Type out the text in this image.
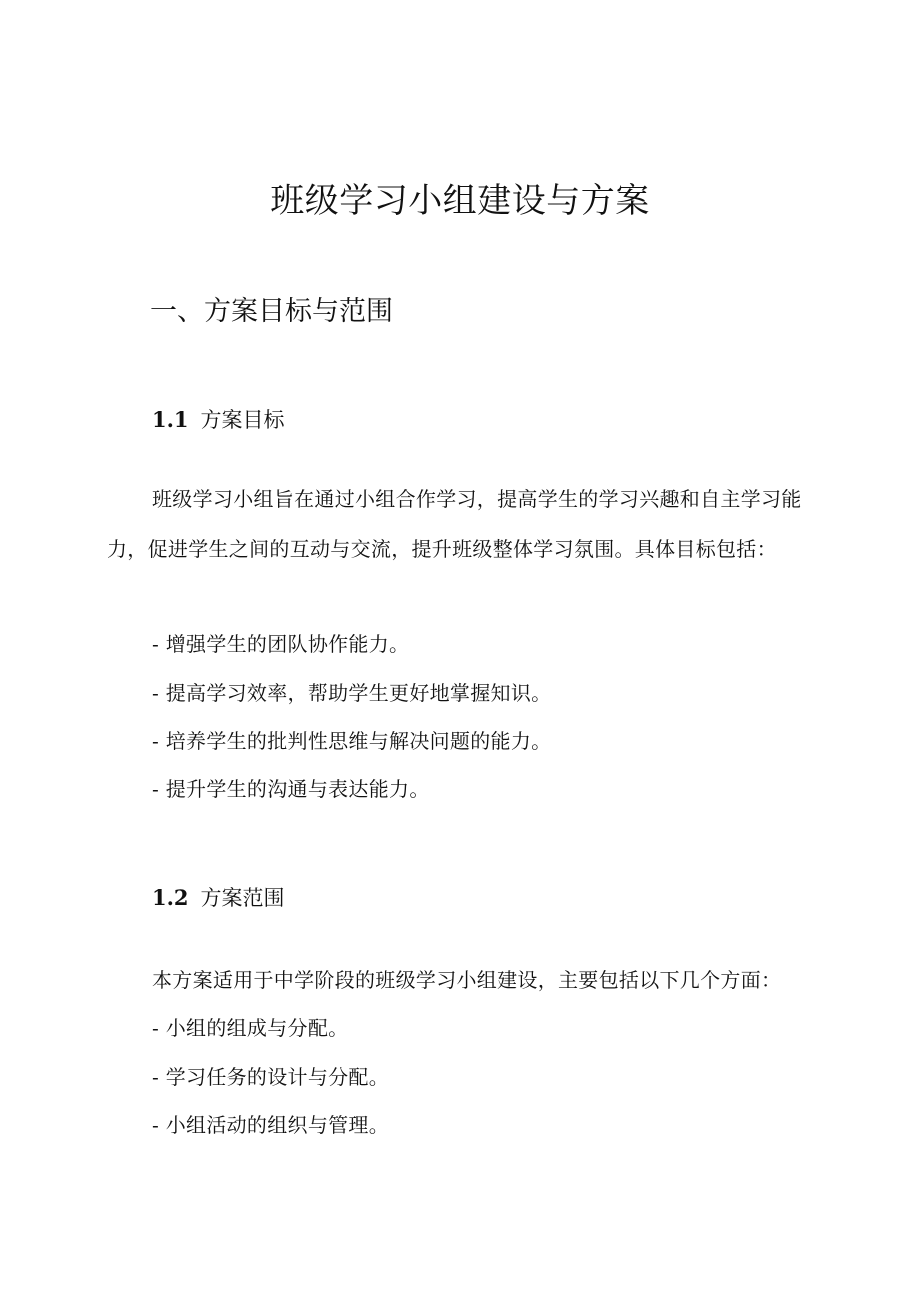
班级学习小组建设与方案
一、方案目标与范围
1.1 方案目标

班级学习小组旨在通过小组合作学习，提高学生的学习兴趣和自主学习能力，促进学生之间的互动与交流，提升班级整体学习氛围。具体目标包括：

- 增强学生的团队协作能力。

- 提高学习效率，帮助学生更好地掌握知识。

- 培养学生的批判性思维与解决问题的能力。

- 提升学生的沟通与表达能力。

1.2 方案范围

本方案适用于中学阶段的班级学习小组建设，主要包括以下几个方面：

- 小组的组成与分配。

- 学习任务的设计与分配。

- 小组活动的组织与管理。
